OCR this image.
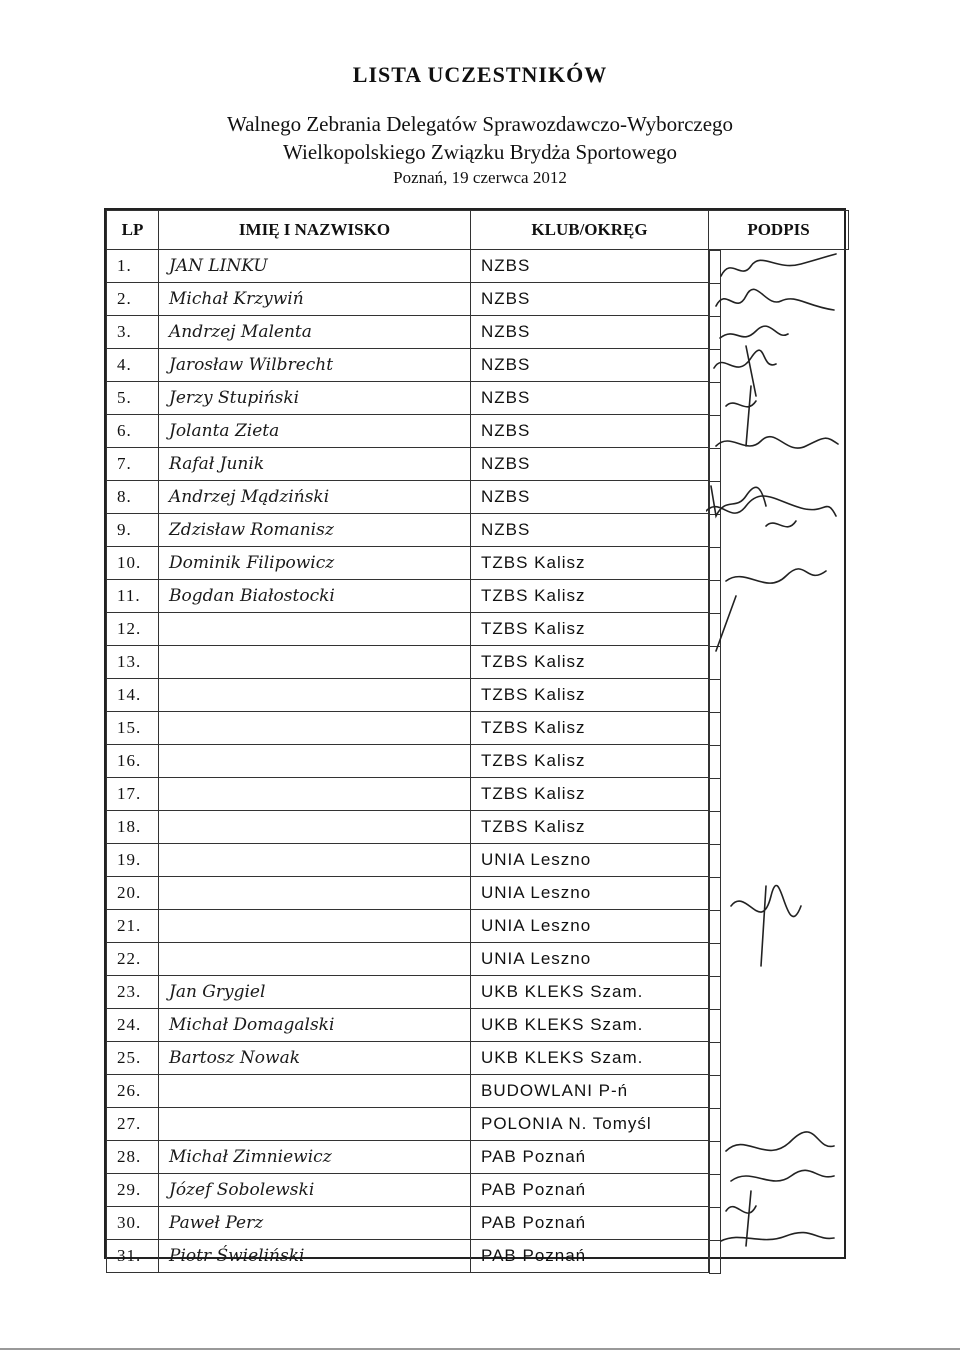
LISTA UCZESTNIKÓW
Walnego Zebrania Delegatów Sprawozdawczo-Wyborczego
Wielkopolskiego Związku Brydża Sportowego
Poznań, 19 czerwca 2012
LP	IMIĘ I NAZWISKO	KLUB/OKRĘG	PODPIS
1.	JAN LINKU	NZBS	

2.	Michał Krzywiń	NZBS	

3.	Andrzej Malenta	NZBS	

4.	Jarosław Wilbrecht	NZBS	

5.	Jerzy Stupiński	NZBS	

6.	Jolanta Zieta	NZBS	

7.	Rafał Junik	NZBS	

8.	Andrzej Mądziński	NZBS	

9.	Zdzisław Romanisz	NZBS	

10.	Dominik Filipowicz	TZBS Kalisz	

11.	Bogdan Białostocki	TZBS Kalisz	

12.		TZBS Kalisz	

13.		TZBS Kalisz	

14.		TZBS Kalisz	

15.		TZBS Kalisz	

16.		TZBS Kalisz	

17.		TZBS Kalisz	

18.		TZBS Kalisz	

19.		UNIA Leszno	

20.		UNIA Leszno	

21.		UNIA Leszno	

22.		UNIA Leszno	

23.	Jan Grygiel	UKB KLEKS Szam.	

24.	Michał Domagalski	UKB KLEKS Szam.	

25.	Bartosz Nowak	UKB KLEKS Szam.	

26.		BUDOWLANI P-ń	

27.		POLONIA N. Tomyśl	

28.	Michał Zimniewicz	PAB Poznań	

29.	Józef Sobolewski	PAB Poznań	

30.	Paweł Perz	PAB Poznań	

31.	Piotr Świeliński	PAB Poznań	
